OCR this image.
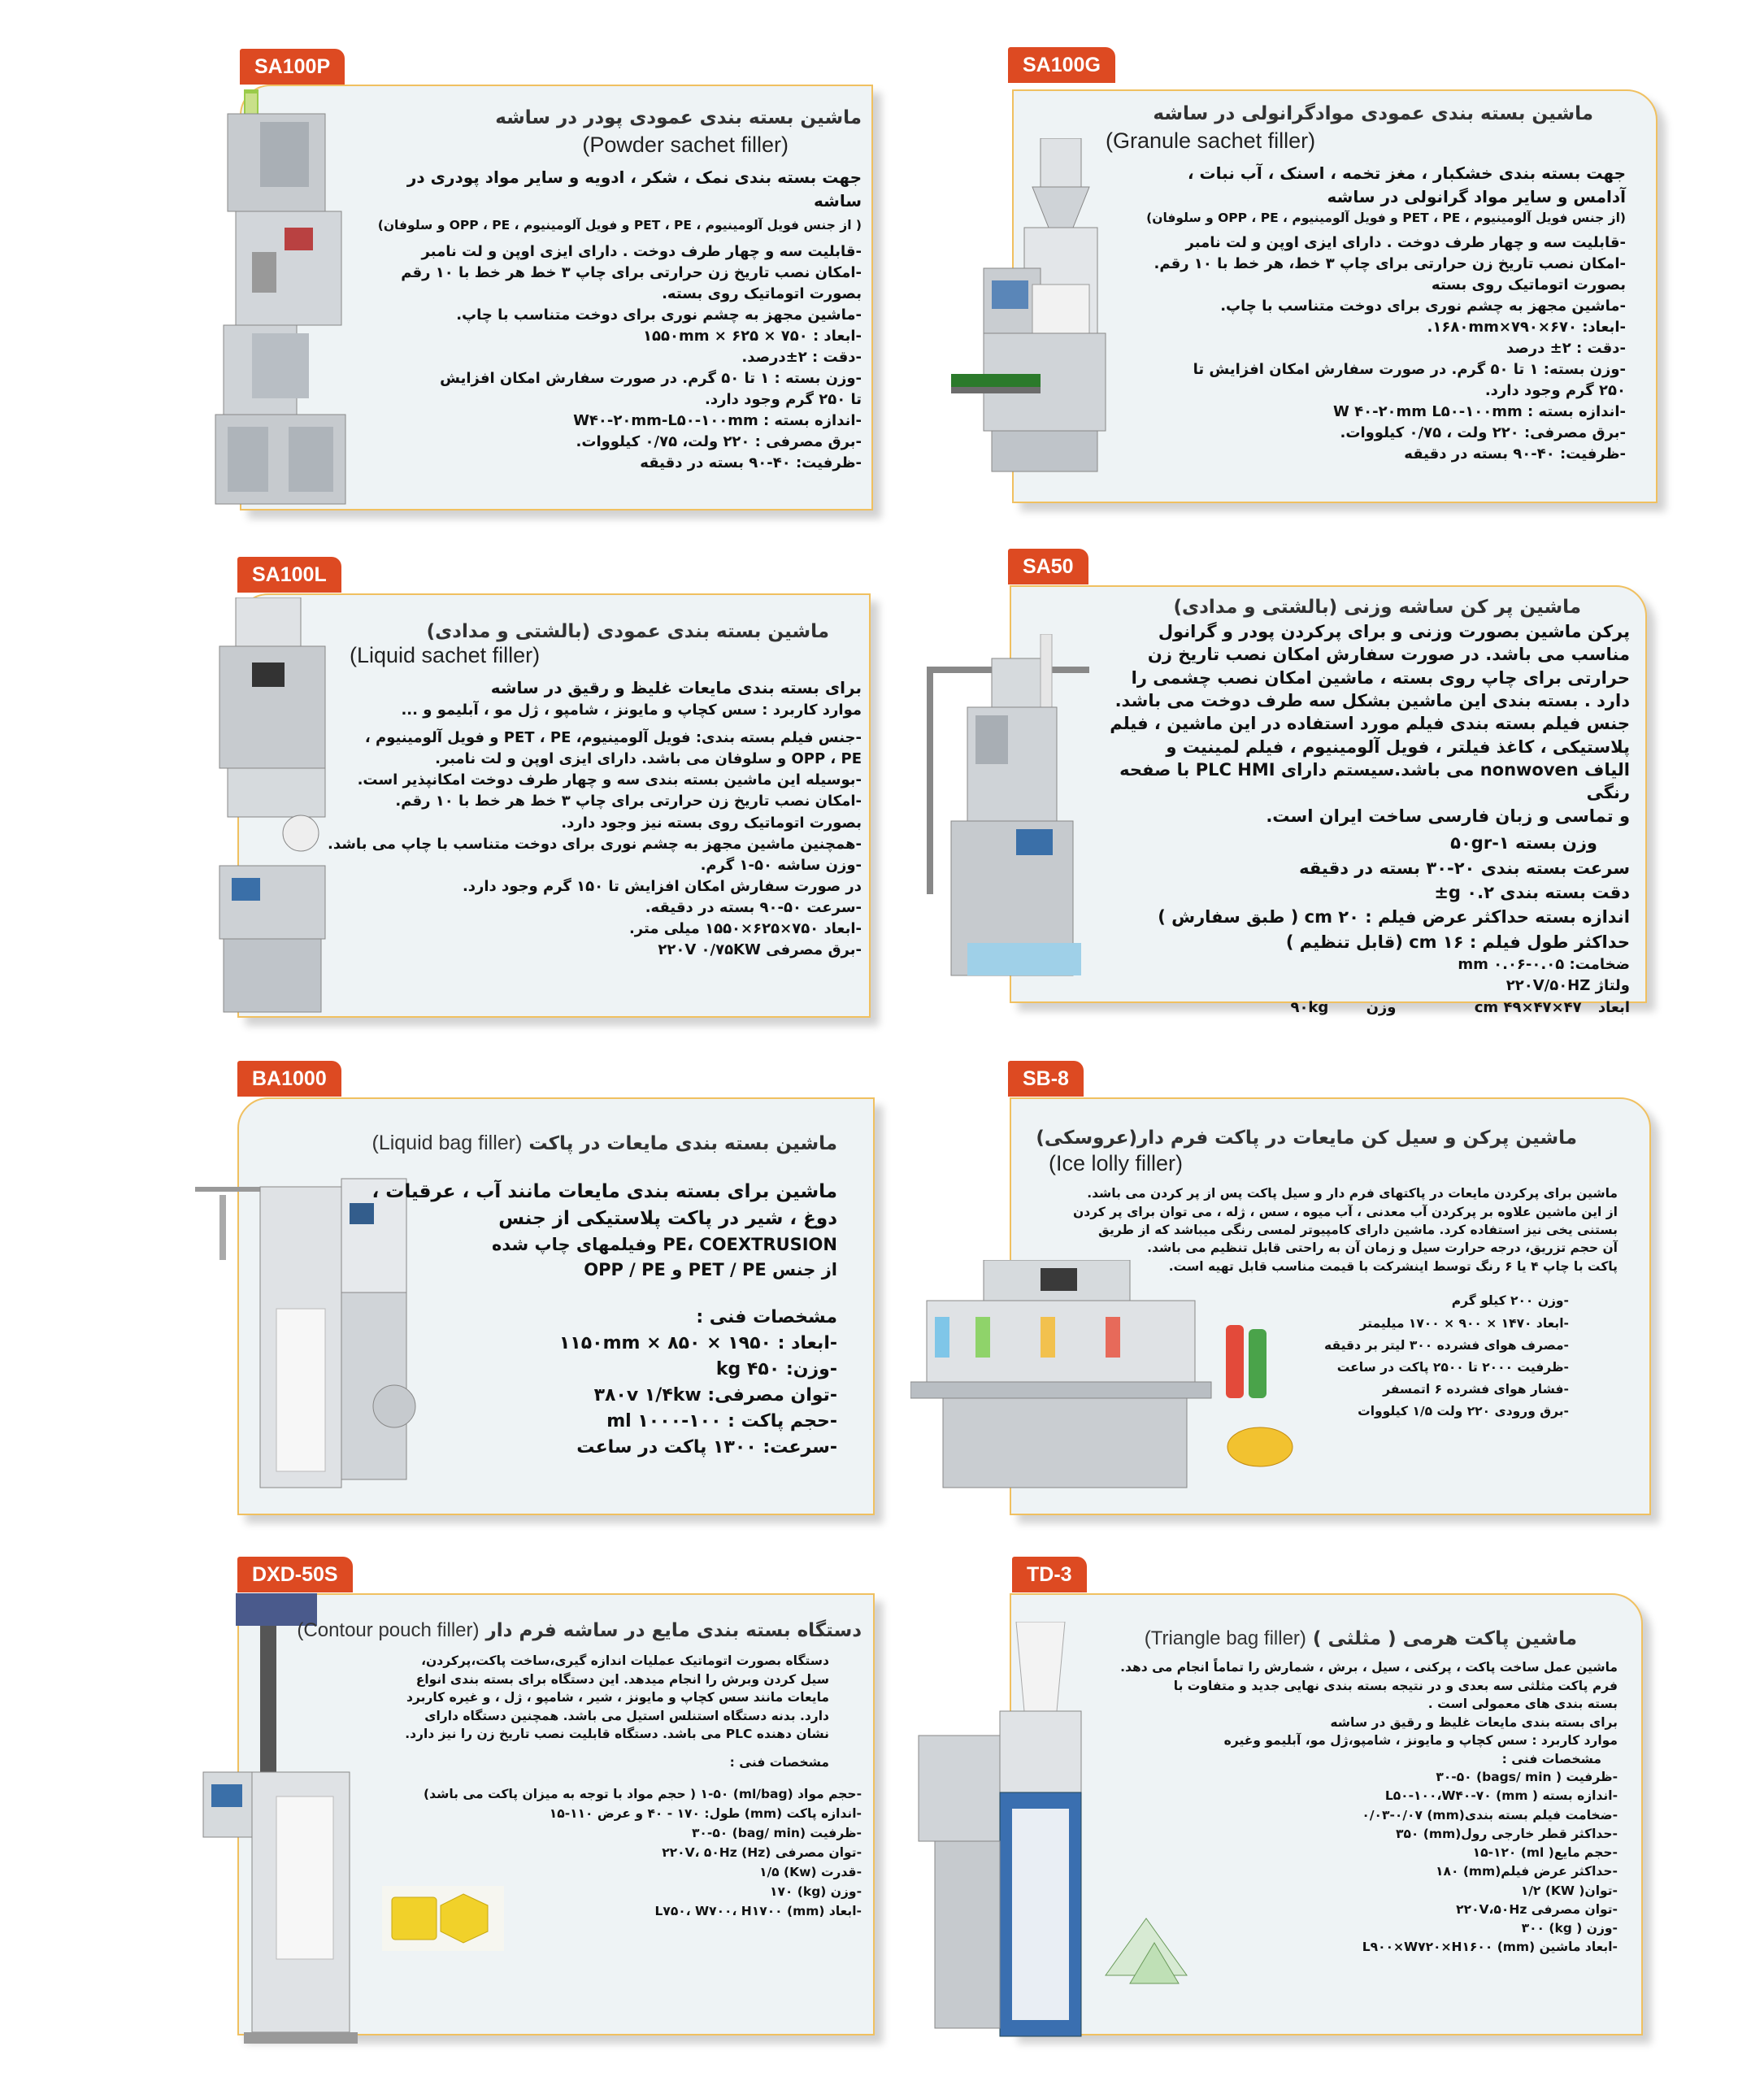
SA100P

ماشین بسته بندی عمودی پودر در ساشه

(Powder sachet filler)

جهت بسته بندی نمک ، شکر ، ادویه و سایر مواد پودری در ساشه

( از جنس فویل آلومینیوم ، PET ، PE و فویل آلومینیوم ، OPP ، PE و سلوفان)

-قابلیت سه و چهار طرف دوخت . دارای ایزی اوپن و لت نامبر

-امکان نصب تاریخ زن حرارتی برای چاپ ۳ خط هر خط با ۱۰ رقم

بصورت اتوماتیک روی بسته.

-ماشین مجهز به چشم نوری برای دوخت متناسب با چاپ.

-ابعاد : ۷۵۰ × ۶۲۵ × ۱۵۵۰mm

-دقت : ۲±درصد.

-وزن بسته : ۱ تا ۵۰ گرم. در صورت سفارش امکان افزایش

تا ۲۵۰ گرم وجود دارد.

-اندازه بسته : W۴۰-۲۰mm-L۵۰-۱۰۰mm

-برق مصرفی : ۲۲۰ ولت، ۰/۷۵ کیلووات.

-ظرفیت: ۴۰-۹۰ بسته در دقیقه

SA100G

ماشین بسته بندی عمودی موادگرانولی در ساشه

(Granule sachet filler)

جهت بسته بندی خشکبار ، مغز تخمه ، اسنک ، آب نبات ،

آدامس و سایر مواد گرانولی در ساشه

(از جنس فویل آلومینیوم ، PET ، PE و فویل آلومینیوم ، OPP ، PE و سلوفان)

-قابلیت سه و چهار طرف دوخت . دارای ایزی اوپن و لت نامبر

-امکان نصب تاریخ زن حرارتی برای چاپ ۳ خط، هر خط با ۱۰ رقم.

بصورت اتوماتیک روی بسته

-ماشین مجهز به چشم نوری برای دوخت متناسب با چاپ.

-ابعاد: ۶۷۰×۷۹۰×۱۶۸۰mm.

-دقت : ۲± درصد

-وزن بسته: ۱ تا ۵۰ گرم. در صورت سفارش امکان افزایش تا

۲۵۰ گرم وجود دارد.

-اندازه بسته : W ۴۰-۲۰mm L۵۰-۱۰۰mm

-برق مصرفی: ۲۲۰ ولت ، ۰/۷۵ کیلووات.

-ظرفیت: ۴۰-۹۰ بسته در دقیقه

SA100L

ماشین بسته بندی عمودی (بالشتی و مدادی)

(Liquid sachet filler)

برای بسته بندی مایعات غلیظ و رقیق در ساشه

موارد کاربرد : سس کچاپ و مایونز ، شامپو ، ژل مو ، آبلیمو و ...

-جنس فیلم بسته بندی: فویل آلومینیوم، PET ، PE و فویل آلومینیوم ،

OPP ، PE و سلوفان می باشد. دارای ایزی اوپن و لت نامبر.

-بوسیله این ماشین بسته بندی سه و چهار طرف دوخت امکانپذیر است.

-امکان نصب تاریخ زن حرارتی برای چاپ ۳ خط هر خط با ۱۰ رقم.

بصورت اتوماتیک روی بسته نیز وجود دارد.

-همچنین ماشین مجهز به چشم نوری برای دوخت متناسب با چاپ می باشد.

-وزن ساشه ۵۰-۱ گرم.

در صورت سفارش امکان افزایش تا ۱۵۰ گرم وجود دارد.

-سرعت ۵۰-۹۰ بسته در دقیقه.

-ابعاد ۷۵۰×۶۲۵×۱۵۵۰ میلی متر.

-برق مصرفی ۲۲۰V ۰/۷۵KW

SA50

ماشین پر کن ساشه وزنی (بالشتی و مدادی)

پرکن ماشین بصورت وزنی و برای پرکردن پودر و گرانول

مناسب می باشد. در صورت سفارش امکان نصب تاریخ زن

حرارتی برای چاپ روی بسته ، ماشین امکان نصب چشمی را

دارد . بسته بندی این ماشین بشکل سه طرف دوخت می باشد.

جنس فیلم بسته بندی فیلم مورد استفاده در این ماشین ، فیلم

پلاستیکی ، کاغذ فیلتر ، فویل آلومینیوم ، فیلم لمینیت و

الیاف nonwoven می باشد.سیستم دارای PLC HMI با صفحه رنگی

و تماسی و زبان فارسی ساخت ایران است.

وزن بسته ۱-۵۰gr

سرعت بسته بندی ۲۰-۳۰ بسته در دقیقه

دقت بسته بندی ۰.۲ g±

اندازه بسته حداکثر عرض فیلم : ۲۰ cm ( طبق سفارش )

حداکثر طول فیلم : ۱۶ cm (قابل تنظیم )

ضخامت: ۰.۰۵-۰.۰۶ mm

ولتاژ ۲۲۰V/۵۰HZ

ابعاد ۴۷×۴۷×۴۹ cm وزن ۹۰kg

BA1000

ماشین بسته بندی مایعات در پاکت (Liquid bag filler)

ماشین برای بسته بندی مایعات مانند آب ، عرقیات ،

دوغ ، شیر در پاکت پلاستیکی از جنس

PE، COEXTRUSION وفیلمهای چاپ شده

از جنس PET / PE و OPP / PE

مشخصات فنی :

-ابعاد : ۱۹۵۰ × ۸۵۰ × ۱۱۵۰mm

-وزن: ۴۵۰ kg

-توان مصرفی: ۳۸۰v ۱/۴kw

-حجم پاکت : ۱۰۰-۱۰۰۰ ml

-سرعت: ۱۳۰۰ پاکت در ساعت

SB-8

ماشین پرکن و سیل کن مایعات در پاکت فرم دار(عروسکی)

(Ice lolly filler)

ماشین برای پرکردن مایعات در پاکتهای فرم دار و سیل پاکت پس از پر کردن می باشد.

از این ماشین علاوه بر پرکردن آب معدنی ، آب میوه ، سس ، ژله ، می توان برای پر کردن

بستنی یخی نیز استفاده کرد. ماشین دارای کامپیوتر لمسی رنگی میباشد که از طریق

آن حجم تزریق، درجه حرارت سیل و زمان آن به راحتی قابل تنظیم می باشد.

پاکت با چاپ ۴ یا ۶ رنگ توسط اینشرکت با قیمت مناسب قابل تهیه است.

-وزن ۲۰۰ کیلو گرم

-ابعاد ۱۴۷۰ × ۹۰۰ × ۱۷۰۰ میلیمتر

-مصرف هوای فشرده ۳۰۰ لیتر بر دقیقه

-ظرفیت ۲۰۰۰ تا ۲۵۰۰ پاکت در ساعت

-فشار هوای فشرده ۶ اتمسفر

-برق ورودی ۲۲۰ ولت ۱/۵ کیلووات

DXD-50S

دستگاه بسته بندی مایع در ساشه فرم دار (Contour pouch filler)

دستگاه بصورت اتوماتیک عملیات اندازه گیری،ساخت پاکت،پرکردن،

سیل کردن وبرش را انجام میدهد. این دستگاه برای بسته بندی انواع

مایعات مانند سس کچاپ و مایونز ، شیر ، شامپو ، ژل ، و غیره کاربرد

دارد. بدنه دستگاه استنلس استیل می باشد. همچنین دستگاه دارای

نشان دهنده PLC می باشد. دستگاه قابلیت نصب تاریخ زن را نیز دارد.

مشخصات فنی :

-حجم مواد (ml/bag) ۱-۵۰ ( حجم مواد با توجه به میزان پاکت می باشد)

-اندازه پاکت (mm) طول: ۱۷۰ - ۴۰ و عرض ۱۱۰-۱۵

-ظرفیت (bag/ min) ۳۰-۵۰

-توان مصرفی (Hz) ۲۲۰V، ۵۰Hz

-قدرت (Kw) ۱/۵

-وزن (kg) ۱۷۰

-ابعاد (mm) L۷۵۰، W۷۰۰، H۱۷۰۰

TD-3

ماشین پاکت هرمی ( مثلثی ) (Triangle bag filler)

ماشین عمل ساخت پاکت ، پرکنی ، سیل ، برش ، شمارش را تماماً انجام می دهد.

فرم پاکت مثلثی سه بعدی و در نتیجه بسته بندی نهایی جدید و متفاوت با

بسته بندی های معمولی است .

برای بسته بندی مایعات غلیظ و رقیق در ساشه

موارد کاربرد : سس کچاپ و مایونز ، شامپو،ژل مو، آبلیمو وغیره

مشخصات فنی :

-ظرفیت ( bags/ min) ۳۰-۵۰

-اندازه بسته ( mm) L۵۰-۱۰۰،W۴۰-۷۰

-ضخامت فیلم بسته بندی(mm) ۰/۰۳-۰/۰۷

-حداکثر قطر خارجی رول(mm) ۳۵۰

-حجم مایع( ml) ۱۵-۱۲۰

-حداکثر عرض فیلم(mm) ۱۸۰

-توان( KW) ۱/۲

-توان مصرفی ۲۲۰V،۵۰Hz

-وزن ( kg) ۳۰۰

-ابعاد ماشین (mm) L۹۰۰×W۷۲۰×H۱۶۰۰
